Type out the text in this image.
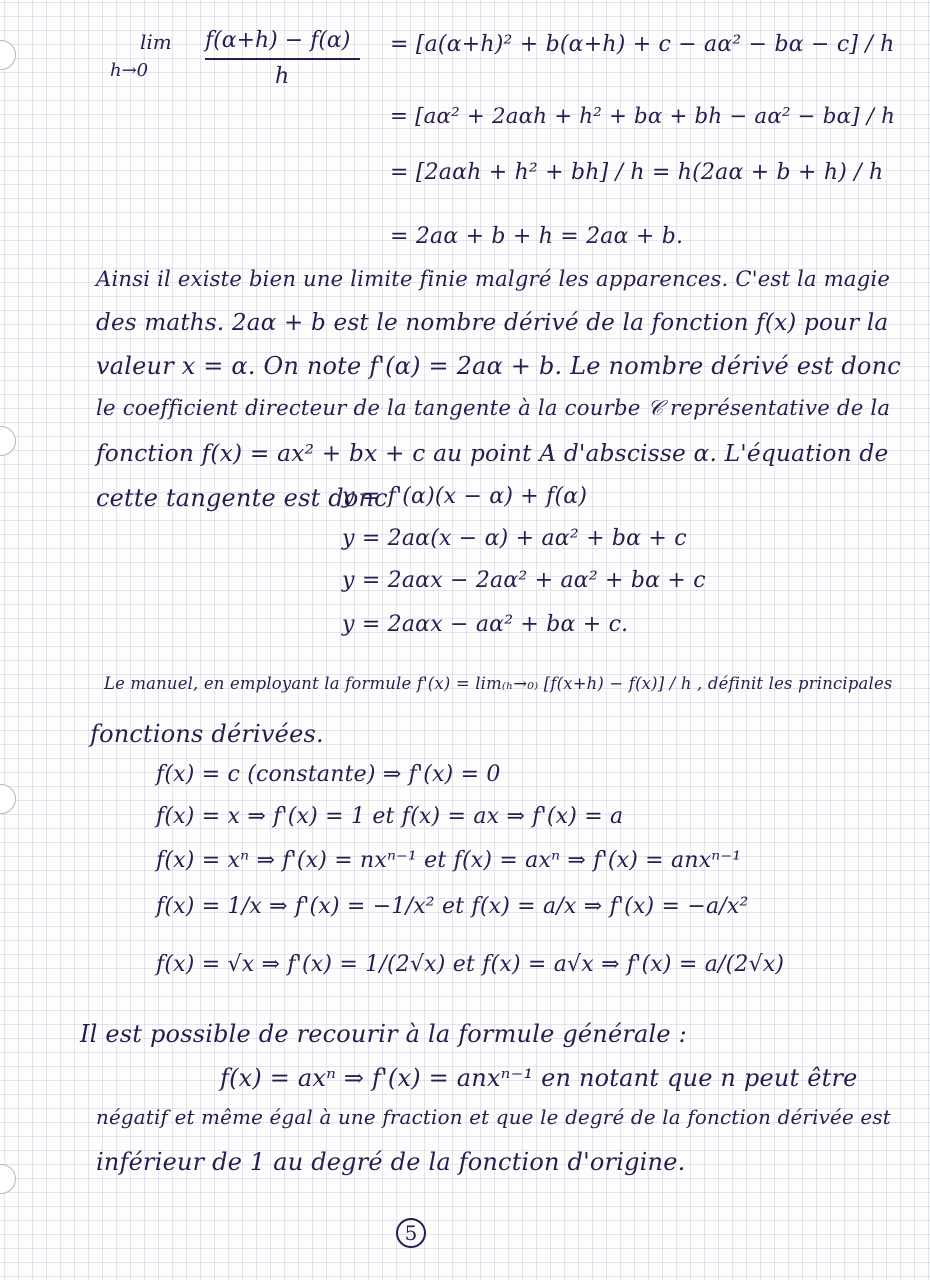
lim
h→0
f(α+h) − f(α)
h
= [a(α+h)² + b(α+h) + c − aα² − bα − c] / h
= [aα² + 2aαh + h² + bα + bh − aα² − bα] / h
= [2aαh + h² + bh] / h = h(2aα + b + h) / h
= 2aα + b + h = 2aα + b.
Ainsi il existe bien une limite finie malgré les apparences. C'est la magie
des maths. 2aα + b est le nombre dérivé de la fonction f(x) pour la
valeur x = α. On note f'(α) = 2aα + b. Le nombre dérivé est donc
le coefficient directeur de la tangente à la courbe 𝒞 représentative de la
fonction f(x) = ax² + bx + c au point A d'abscisse α. L'équation de
cette tangente est donc
y = f'(α)(x − α) + f(α)
y = 2aα(x − α) + aα² + bα + c
y = 2aαx − 2aα² + aα² + bα + c
y = 2aαx − aα² + bα + c.
Le manuel, en employant la formule f'(x) = lim₍ₕ→₀₎ [f(x+h) − f(x)] / h , définit les principales
fonctions dérivées.
f(x) = c (constante) ⇒ f'(x) = 0
f(x) = x ⇒ f'(x) = 1 et f(x) = ax ⇒ f'(x) = a
f(x) = xⁿ ⇒ f'(x) = nxⁿ⁻¹ et f(x) = axⁿ ⇒ f'(x) = anxⁿ⁻¹
f(x) = 1/x ⇒ f'(x) = −1/x² et f(x) = a/x ⇒ f'(x) = −a/x²
f(x) = √x ⇒ f'(x) = 1/(2√x) et f(x) = a√x ⇒ f'(x) = a/(2√x)
Il est possible de recourir à la formule générale :
f(x) = axⁿ ⇒ f'(x) = anxⁿ⁻¹ en notant que n peut être
négatif et même égal à une fraction et que le degré de la fonction dérivée est
inférieur de 1 au degré de la fonction d'origine.
5
